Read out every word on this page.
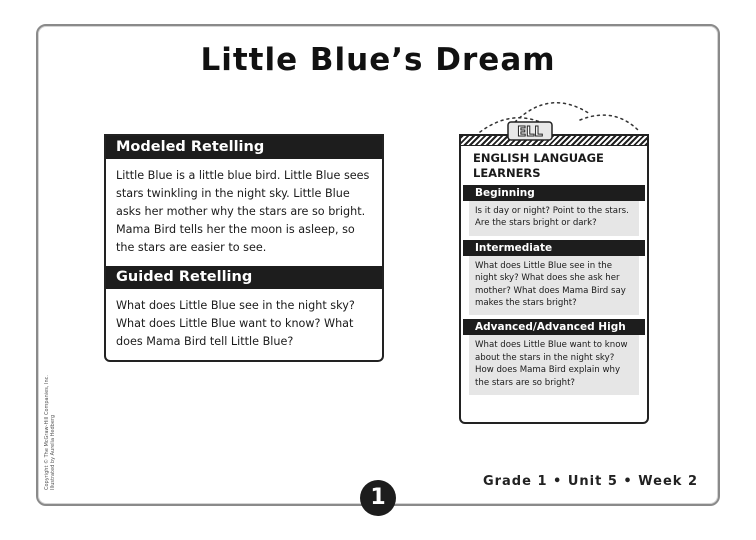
Little Blue’s Dream
Modeled Retelling

Little Blue is a little blue bird. Little Blue sees stars twinkling in the night sky. Little Blue asks her mother why the stars are so bright. Mama Bird tells her the moon is asleep, so the stars are easier to see.

Guided Retelling

What does Little Blue see in the night sky? What does Little Blue want to know? What does Mama Bird tell Little Blue?

ENGLISH LANGUAGE LEARNERS

Beginning
Is it day or night? Point to the stars. Are the stars bright or dark?
Intermediate
What does Little Blue see in the night sky? What does she ask her mother? What does Mama Bird say makes the stars bright?
Advanced/Advanced High
What does Little Blue want to know about the stars in the night sky? How does Mama Bird explain why the stars are so bright?
ELL
Copyright © The McGraw-Hill Companies, Inc. Illustrated by Aurelia Hedberg	Grade 1 • Unit 5 • Week 2
1
